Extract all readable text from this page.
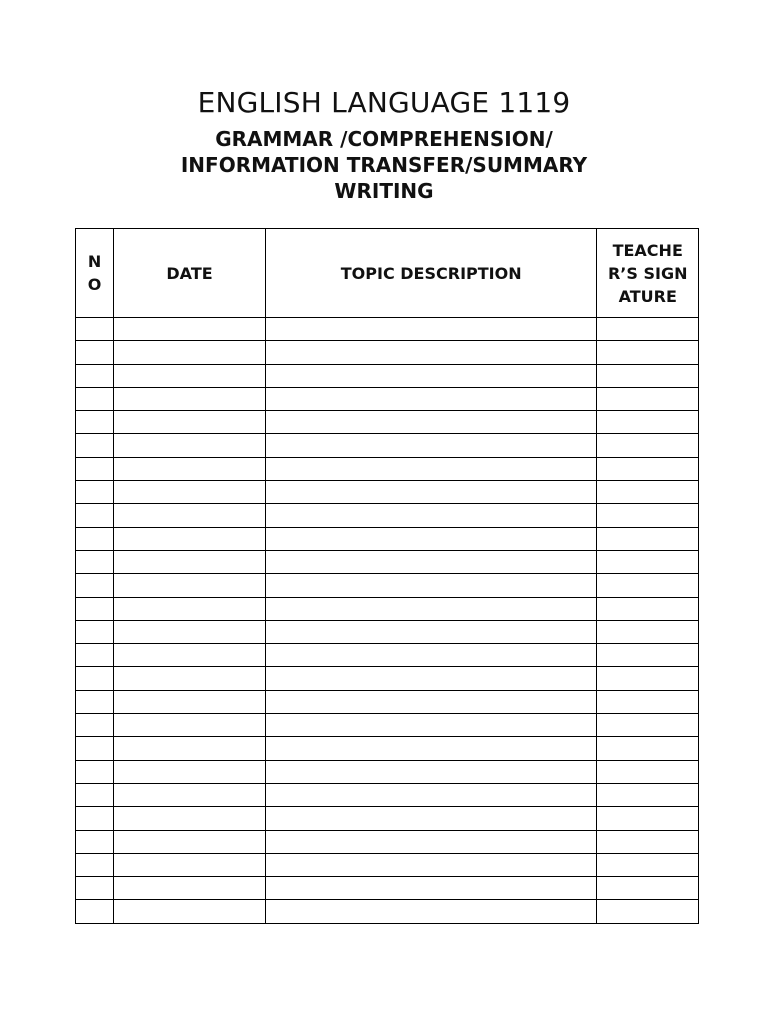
ENGLISH LANGUAGE 1119
GRAMMAR /COMPREHENSION/
INFORMATION TRANSFER/SUMMARY
WRITING
NO	DATE	TOPIC DESCRIPTION	TEACHER’S SIGNATURE
